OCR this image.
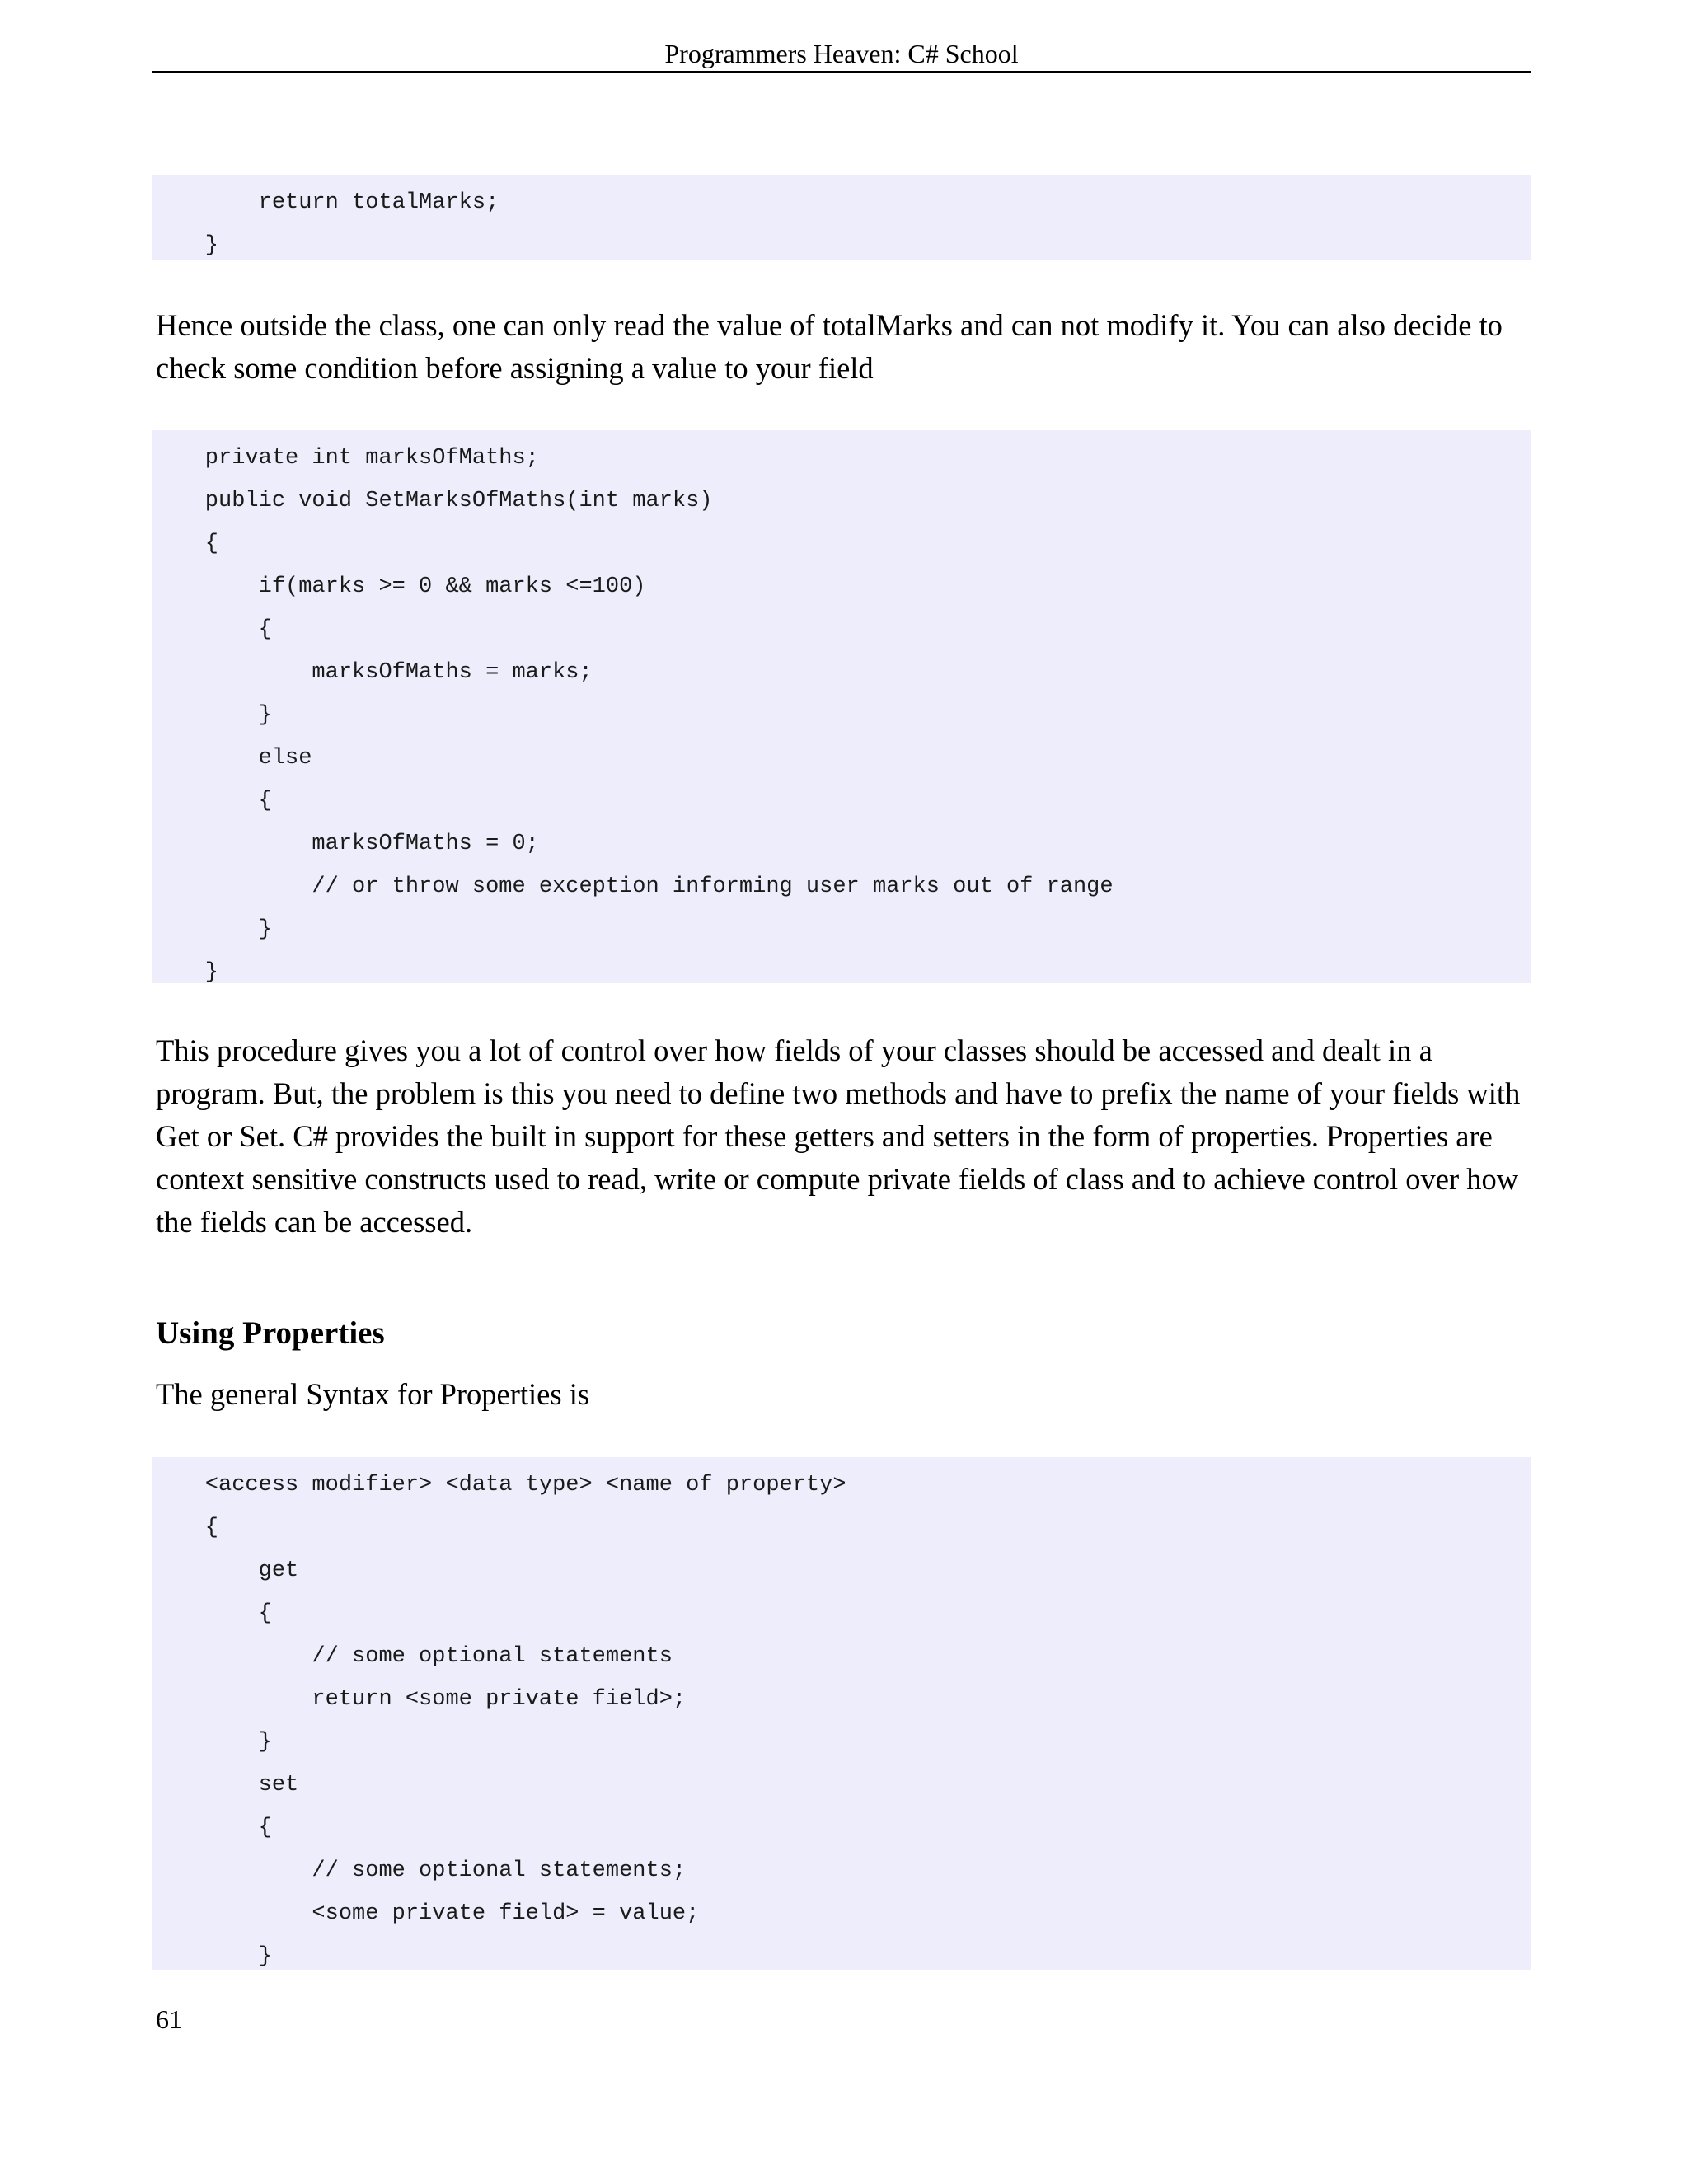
Programmers Heaven: C# School
return totalMarks;
}

Hence outside the class, one can only read the value of totalMarks and can not modify it. You can also decide to check some condition before assigning a value to your field

private int marksOfMaths;
public void SetMarksOfMaths(int marks)
{
if(marks >= 0 && marks <=100)
{
marksOfMaths = marks;
}
else
{
marksOfMaths = 0;
// or throw some exception informing user marks out of range
}
}

This procedure gives you a lot of control over how fields of your classes should be accessed and dealt in a program. But, the problem is this you need to define two methods and have to prefix the name of your fields with Get or Set. C# provides the built in support for these getters and setters in the form of properties. Properties are context sensitive constructs used to read, write or compute private fields of class and to achieve control over how the fields can be accessed.

Using Properties

The general Syntax for Properties is

<access modifier> <data type> <name of property>
{
get
{
// some optional statements
return <some private field>;
}
set
{
// some optional statements;
<some private field> = value;
}
61
